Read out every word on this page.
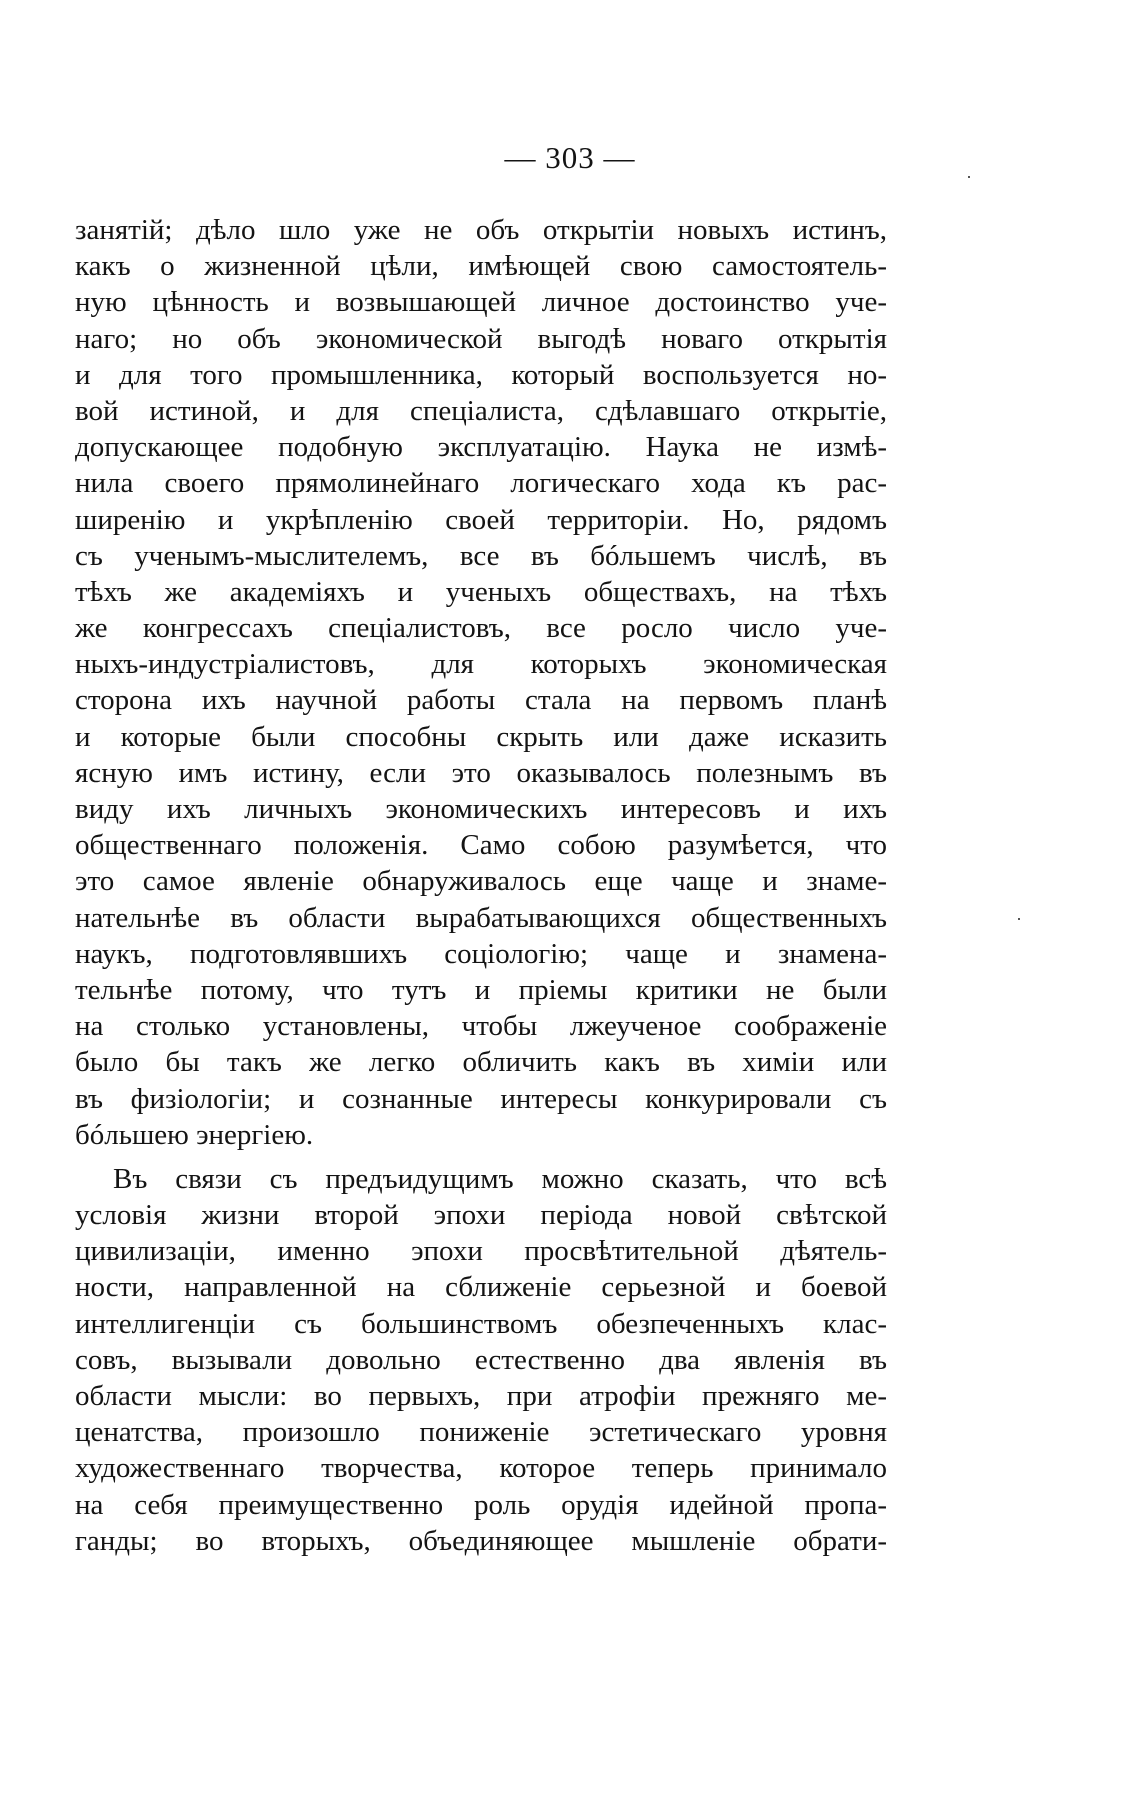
— 303 —
занятій; дѣло шло уже не объ открытіи новыхъ истинъ,
какъ о жизненной цѣли, имѣющей свою самостоятель-
ную цѣнность и возвышающей личное достоинство уче-
наго; но объ экономической выгодѣ новаго открытія
и для того промышленника, который воспользуется но-
вой истиной, и для спеціалиста, сдѣлавшаго открытіе,
допускающее подобную эксплуатацію. Наука не измѣ-
нила своего прямолинейнаго логическаго хода къ рас-
ширенію и укрѣпленію своей территоріи. Но, рядомъ
съ ученымъ-мыслителемъ, все въ бóльшемъ числѣ, въ
тѣхъ же академіяхъ и ученыхъ обществахъ, на тѣхъ
же конгрессахъ спеціалистовъ, все росло число уче-
ныхъ-индустріалистовъ, для которыхъ экономическая
сторона ихъ научной работы стала на первомъ планѣ
и которые были способны скрыть или даже исказить
ясную имъ истину, если это оказывалось полезнымъ въ
виду ихъ личныхъ экономическихъ интересовъ и ихъ
общественнаго положенія. Само собою разумѣется, что
это самое явленіе обнаруживалось еще чаще и знаме-
нательнѣе въ области вырабатывающихся общественныхъ
наукъ, подготовлявшихъ соціологію; чаще и знамена-
тельнѣе потому, что тутъ и пріемы критики не были
на столько установлены, чтобы лжеученое соображеніе
было бы такъ же легко обличить какъ въ химіи или
въ физіологіи; и сознанные интересы конкурировали съ
бóльшею энергіею.
Въ связи съ предъидущимъ можно сказать, что всѣ
условія жизни второй эпохи періода новой свѣтской
цивилизаціи, именно эпохи просвѣтительной дѣятель-
ности, направленной на сближеніе серьезной и боевой
интеллигенціи съ большинствомъ обезпеченныхъ клас-
совъ, вызывали довольно естественно два явленія въ
области мысли: во первыхъ, при атрофіи прежняго ме-
ценатства, произошло пониженіе эстетическаго уровня
художественнаго творчества, которое теперь принимало
на себя преимущественно роль орудія идейной пропа-
ганды; во вторыхъ, объединяющее мышленіе обрати-
